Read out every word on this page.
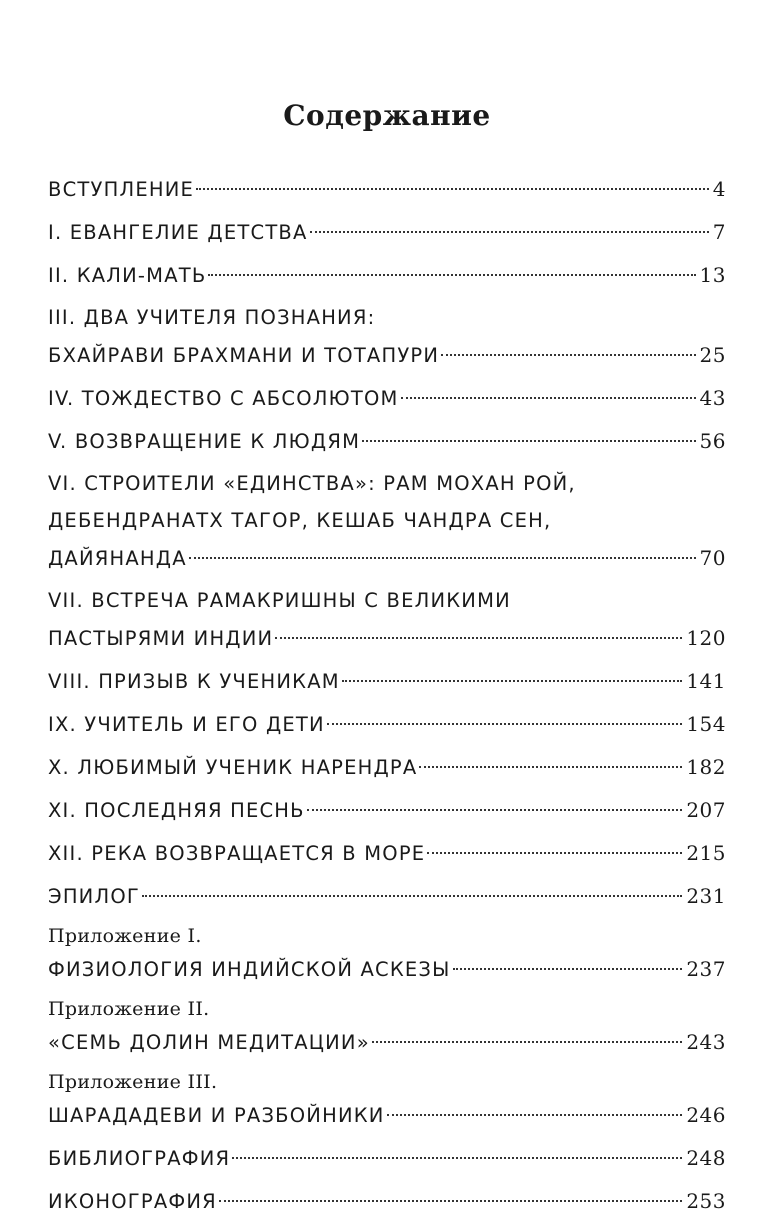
Содержание
ВСТУПЛЕНИЕ	4
I. ЕВАНГЕЛИЕ ДЕТСТВА	7
II. КАЛИ-МАТЬ	13
III. ДВА УЧИТЕЛЯ ПОЗНАНИЯ:
БХАЙРАВИ БРАХМАНИ И ТОТАПУРИ	25
IV. ТОЖДЕСТВО С АБСОЛЮТОМ	43
V. ВОЗВРАЩЕНИЕ К ЛЮДЯМ	56
VI. СТРОИТЕЛИ «ЕДИНСТВА»: РАМ МОХАН РОЙ,
ДЕБЕНДРАНАТХ ТАГОР, КЕШАБ ЧАНДРА СЕН,
ДАЙЯНАНДА	70
VII. ВСТРЕЧА РАМАКРИШНЫ С ВЕЛИКИМИ
ПАСТЫРЯМИ ИНДИИ	120
VIII. ПРИЗЫВ К УЧЕНИКАМ	141
IX. УЧИТЕЛЬ И ЕГО ДЕТИ	154
X. ЛЮБИМЫЙ УЧЕНИК НАРЕНДРА	182
XI. ПОСЛЕДНЯЯ ПЕСНЬ	207
XII. РЕКА ВОЗВРАЩАЕТСЯ В МОРЕ	215
ЭПИЛОГ	231
Приложение I.
ФИЗИОЛОГИЯ ИНДИЙСКОЙ АСКЕЗЫ	237
Приложение II.
«СЕМЬ ДОЛИН МЕДИТАЦИИ»	243
Приложение III.
ШАРАДАДЕВИ И РАЗБОЙНИКИ	246
БИБЛИОГРАФИЯ	248
ИКОНОГРАФИЯ	253
